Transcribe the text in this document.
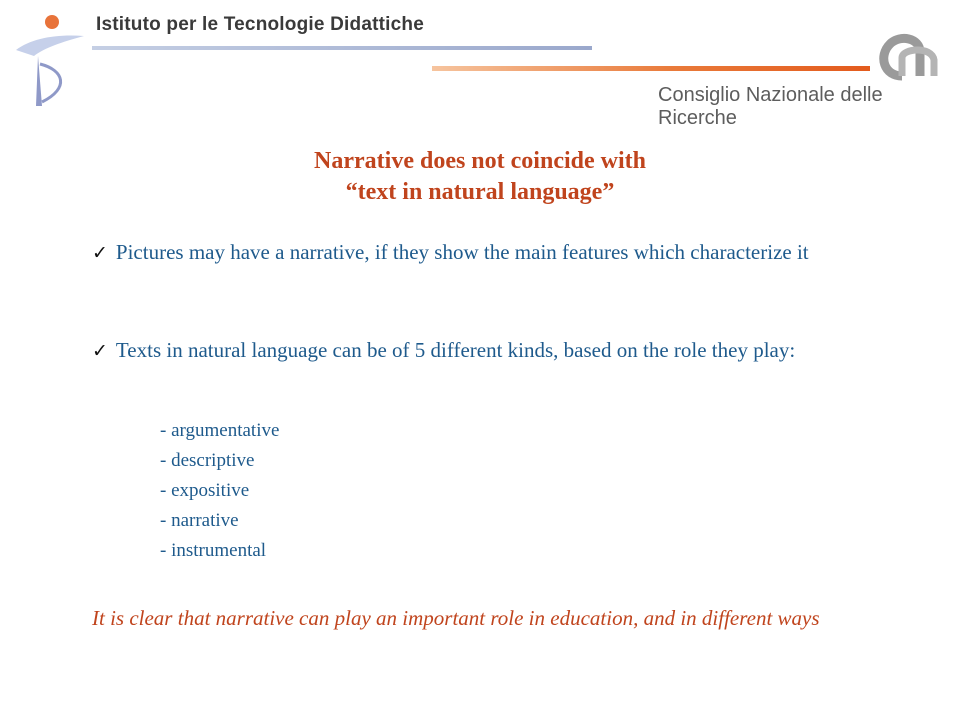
Istituto per le Tecnologie Didattiche
Consiglio Nazionale delle Ricerche
Narrative does not coincide with
“text in natural language”
✓ Pictures may have a narrative, if they show the main features which characterize it
✓ Texts in natural language can be of 5 different kinds, based on the role they play:
- argumentative
- descriptive
- expositive
- narrative
- instrumental
It is clear that narrative can play an important role in education, and in different ways
